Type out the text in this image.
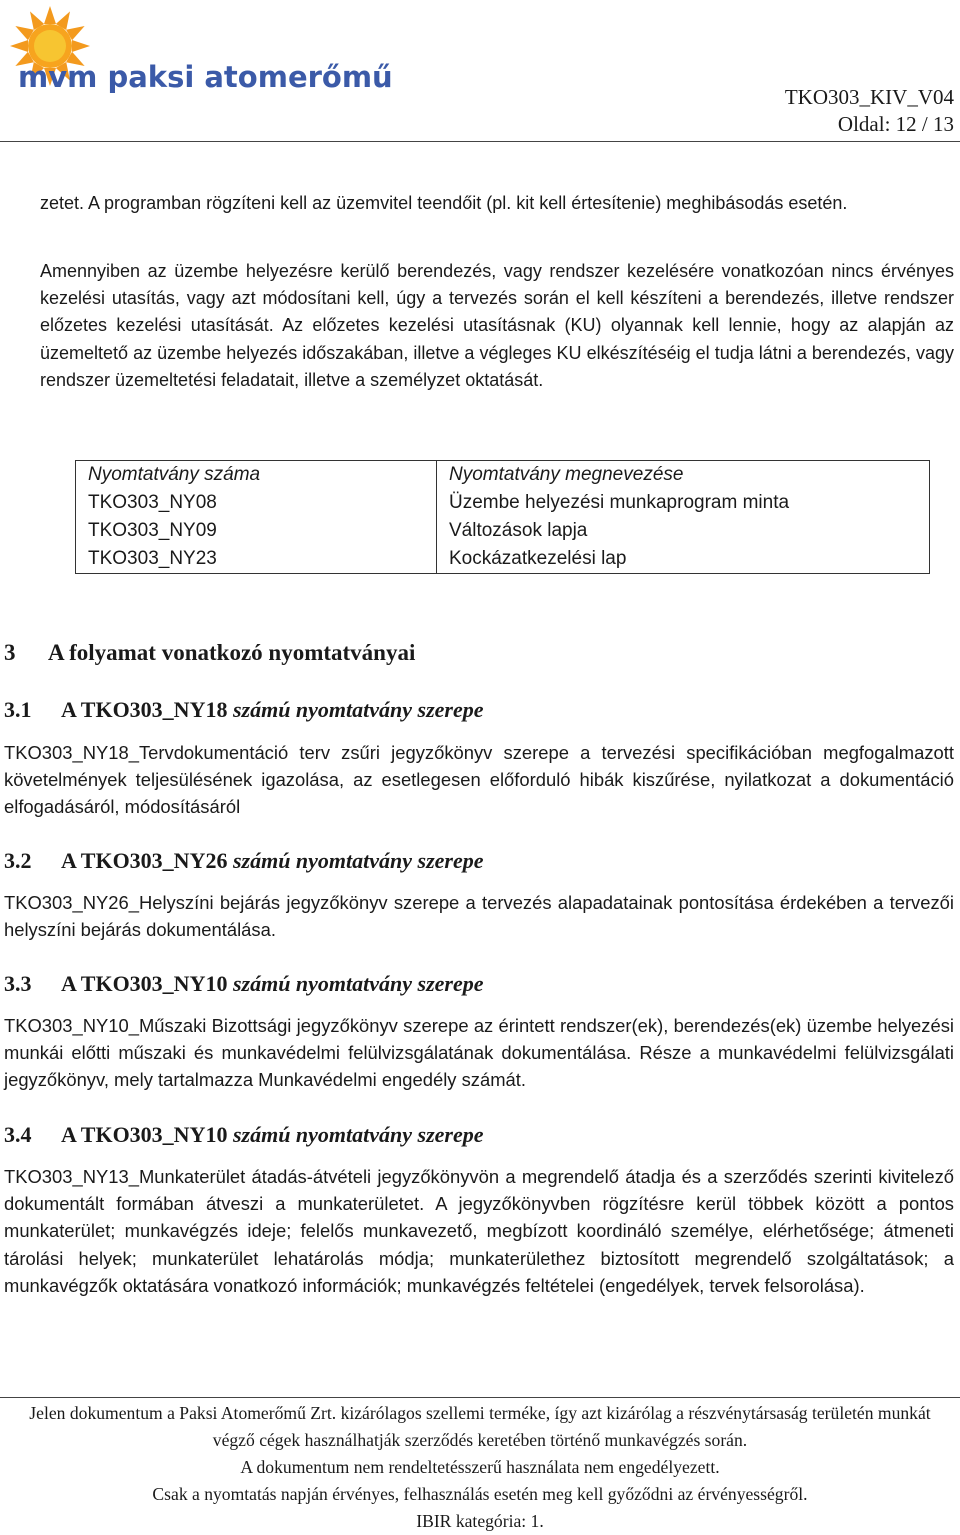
mvm paksi atomerőmű
TKO303_KIV_V04
Oldal: 12 / 13
zetet. A programban rögzíteni kell az üzemvitel teendőit (pl. kit kell értesítenie) meghibásodás esetén.
Amennyiben az üzembe helyezésre kerülő berendezés, vagy rendszer kezelésére vonatkozóan nincs érvényes kezelési utasítás, vagy azt módosítani kell, úgy a tervezés során el kell készíteni a berendezés, illetve rendszer előzetes kezelési utasítását. Az előzetes kezelési utasításnak (KU) olyannak kell lennie, hogy az alapján az üzemeltető az üzembe helyezés időszakában, illetve a végleges KU elkészítéséig el tudja látni a berendezés, vagy rendszer üzemeltetési feladatait, illetve a személyzet oktatását.
Nyomtatvány száma	Nyomtatvány megnevezése
TKO303_NY08	Üzembe helyezési munkaprogram minta
TKO303_NY09	Változások lapja
TKO303_NY23	Kockázatkezelési lap
3 A folyamat vonatkozó nyomtatványai
3.1 A TKO303_NY18 számú nyomtatvány szerepe
TKO303_NY18_Tervdokumentáció terv zsűri jegyzőkönyv szerepe a tervezési specifikációban megfogalmazott követelmények teljesülésének igazolása, az esetlegesen előforduló hibák kiszűrése, nyilatkozat a dokumentáció elfogadásáról, módosításáról
3.2 A TKO303_NY26 számú nyomtatvány szerepe
TKO303_NY26_Helyszíni bejárás jegyzőkönyv szerepe a tervezés alapadatainak pontosítása érdekében a tervezői helyszíni bejárás dokumentálása.
3.3 A TKO303_NY10 számú nyomtatvány szerepe
TKO303_NY10_Műszaki Bizottsági jegyzőkönyv szerepe az érintett rendszer(ek), berendezés(ek) üzembe helyezési munkái előtti műszaki és munkavédelmi felülvizsgálatának dokumentálása. Része a munkavédelmi felülvizsgálati jegyzőkönyv, mely tartalmazza Munkavédelmi engedély számát.
3.4 A TKO303_NY10 számú nyomtatvány szerepe
TKO303_NY13_Munkaterület átadás-átvételi jegyzőkönyvön a megrendelő átadja és a szerződés szerinti kivitelező dokumentált formában átveszi a munkaterületet. A jegyzőkönyvben rögzítésre kerül többek között a pontos munkaterület; munkavégzés ideje; felelős munkavezető, megbízott koordináló személye, elérhetősége; átmeneti tárolási helyek; munkaterület lehatárolás módja; munkaterülethez biztosított megrendelő szolgáltatások; a munkavégzők oktatására vonatkozó információk; munkavégzés feltételei (engedélyek, tervek felsorolása).
Jelen dokumentum a Paksi Atomerőmű Zrt. kizárólagos szellemi terméke, így azt kizárólag a részvénytársaság területén munkát végző cégek használhatják szerződés keretében történő munkavégzés során.
A dokumentum nem rendeltetésszerű használata nem engedélyezett.
Csak a nyomtatás napján érvényes, felhasználás esetén meg kell győződni az érvényességről.
IBIR kategória: 1.
